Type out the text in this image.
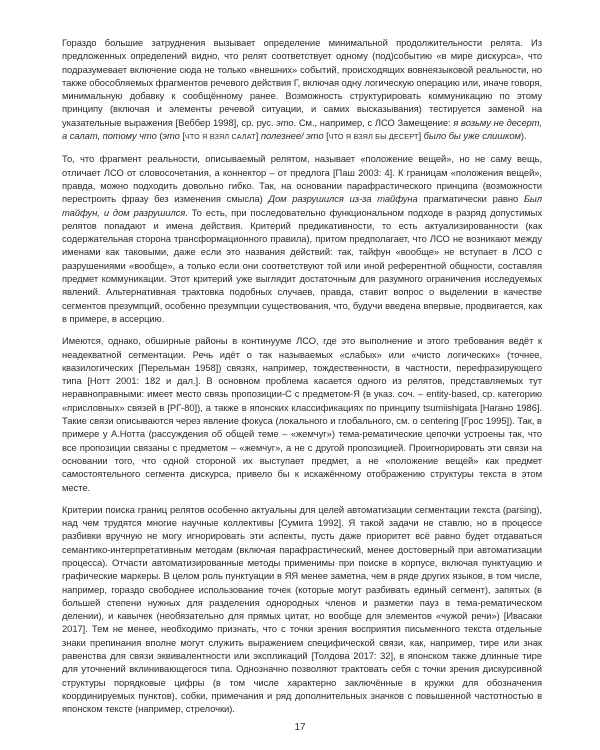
Гораздо большие затруднения вызывает определение минимальной продолжительности релята. Из предложенных определений видно, что релят соответствует одному (под)событию «в мире дискурса», что подразумевает включение сюда не только «внешних» событий, происходящих вовнеязыковой реальности, но также обособляемых фрагментов речевого действия Г, включая одну логическую операцию или, иначе говоря, минимальную добавку к сообщённому ранее. Возможность структурировать коммуникацию по этому принципу (включая и элементы речевой ситуации, и самих высказывания) тестируется заменой на указательные выражения [Веббер 1998], ср. рус. это. См., например, с ЛСО Замещение: я возьму не десерт, а салат, потому что (это [ЧТО Я ВЗЯЛ САЛАТ] полезнее/ это [ЧТО Я ВЗЯЛ БЫ ДЕСЕРТ] было бы уже слишком).

То, что фрагмент реальности, описываемый релятом, называет «положение вещей», но не саму вещь, отличает ЛСО от словосочетания, а коннектор – от предлога [Паш 2003: 4]. К границам «положения вещей», правда, можно подходить довольно гибко. Так, на основании парафрастического принципа (возможности перестроить фразу без изменения смысла) Дом разрушился из-за тайфуна прагматически равно Был тайфун, и дом разрушился. То есть, при последовательно функциональном подходе в разряд допустимых релятов попадают и имена действия. Критерий предикативности, то есть актуализированности (как содержательная сторона трансформационного правила), притом предполагает, что ЛСО не возникают между именами как таковыми, даже если это названия действий: так, тайфун «вообще» не вступает в ЛСО с разрушениями «вообще», а только если они соответствуют той или иной референтной общности, составляя предмет коммуникации. Этот критерий уже выглядит достаточным для разумного ограничения исследуемых явлений. Альтернативная трактовка подобных случаев, правда, ставит вопрос о выделении в качестве сегментов презумпций, особенно презумпции существования, что, будучи введена впервые, продвигается, как в примере, в ассерцию.

Имеются, однако, обширные районы в континууме ЛСО, где это выполнение и этого требования ведёт к неадекватной сегментации. Речь идёт о так называемых «слабых» или «чисто логических» (точнее, квазилогических [Перельман 1958]) связях, например, тождественности, в частности, перефразирующего типа [Нотт 2001: 182 и дал.]. В основном проблема касается одного из релятов, представляемых тут неравноправными: имеет место связь пропозиции-С с предметом-Я (в указ. соч. – entity-based, ср. категорию «присловных» связей в [РГ-80]), а также в японских классификациях по принципу tsumiishigata [Нагано 1986]. Такие связи описываются через явление фокуса (локального и глобального, см. о centering [Грос 1995]). Так, в примере у А.Нотта (рассуждения об общей теме – «жемчуг») тема-рематические цепочки устроены так, что все пропозиции связаны с предметом – «жемчуг», а не с другой пропозицией. Проигнорировать эти связи на основании того, что одной стороной их выступает предмет, а не «положение вещей» как предмет самостоятельного сегмента дискурса, привело бы к искажённому отображению структуры текста в этом месте.

Критерии поиска границ релятов особенно актуальны для целей автоматизации сегментации текста (parsing), над чем трудятся многие научные коллективы [Сумита 1992]. Я такой задачи не ставлю, но в процессе разбивки вручную не могу игнорировать эти аспекты, пусть даже приоритет всё равно будет отдаваться семантико-интерпретативным методам (включая парафрастический, менее достоверный при автоматизации процесса). Отчасти автоматизированные методы применимы при поиске в корпусе, включая пунктуацию и графические маркеры. В целом роль пунктуации в ЯЯ менее заметна, чем в ряде других языков, в том числе, например, гораздо свободнее использование точек (которые могут разбивать единый сегмент), запятых (в большей степени нужных для разделения однородных членов и разметки пауз в тема-рематическом делении), и кавычек (необязательно для прямых цитат, но вообще для элементов «чужой речи») [Ивасаки 2017]. Тем не менее, необходимо признать, что с точки зрения восприятия письменного текста отдельные знаки препинания вполне могут служить выражением специфической связи, как, например, тире или знак равенства для связи эквивалентности или экспликаций [Толдова 2017: 32], в японском также длинные тире для уточнений вклинивающегося типа. Однозначно позволяют трактовать себя с точки зрения дискурсивной структуры порядковые цифры (в том числе характерно заключённые в кружки для обозначения координируемых пунктов), собки, примечания и ряд дополнительных значков с повышенной частотностью в японском тексте (например, стрелочки).

17
